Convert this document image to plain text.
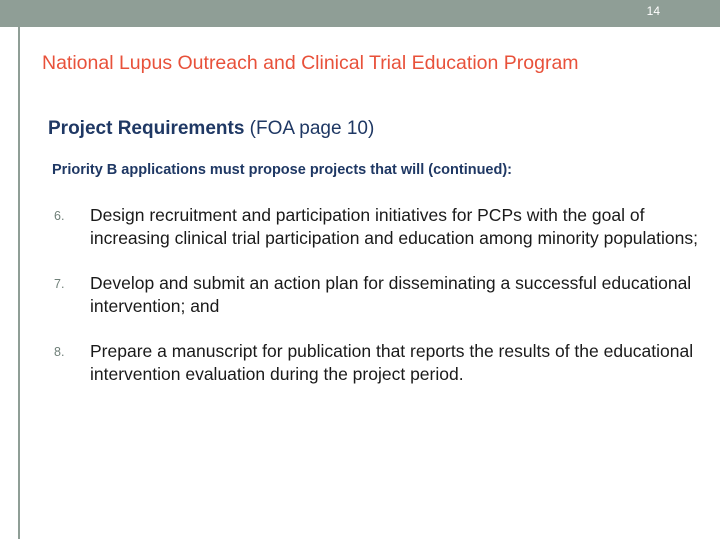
14
National Lupus Outreach and Clinical Trial Education Program
Project Requirements (FOA page 10)
Priority B applications must propose projects that will (continued):
6. Design recruitment and participation initiatives for PCPs with the goal of increasing clinical trial participation and education among minority populations;
7. Develop and submit an action plan for disseminating a successful educational intervention; and
8. Prepare a manuscript for publication that reports the results of the educational intervention evaluation during the project period.
